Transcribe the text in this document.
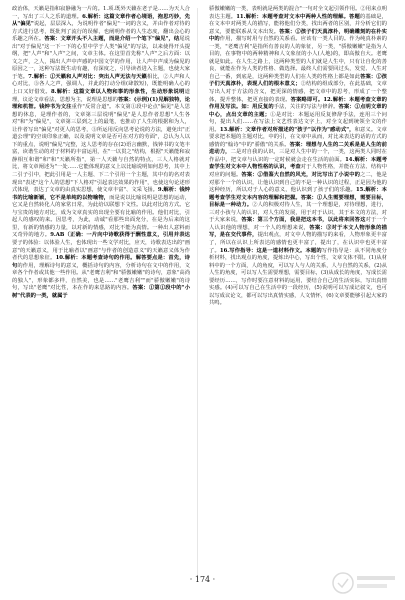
政治体，天籁是指和寂静融为一片的。1.项.既外天籁在老子是……为天人合一，写出了三人之乐的道理。6.解析：这篇文章作者心境语，抱思巧妙，先从"偏见"说起，层层深入，为说明作者"偏见"一词的含义，并由作者对待的方式进行思考，既批判了流行的误解，也阐明作者的人生态度，翻出会心的乐趣之所在。答案：文章开头不入主题，而是介绍一个笔下"偏见"，结尾说出"对于偏见"这一下一下的心里中学于人类"偏见"的写法，以来使得开头提纲，把"人声"和"人声"之间，文章主体。在这里首先称"人声"之后方面：以文之声，之人，揭出人声中声感的中国文学的作用，让人声中声成为偏见的原因之一，这种写法既生动有趣，有深度之，引导读者进入主题，也使大家于笔。7.解析：①天籁和人声对比：突出人声无法与天籁相比，②人声和人心对比，③各人之声，强调人，并此的打动分组(肆散短)，既能明确人心的上口又好借发。8.解析：这篇文章以人物和事的形象性，生动形象说明道理，议论文章看法，思想为主，说理是思想的答案：(示例)(1)见解独特，论理和机智。钱钟书为文注重作"反常合道"。本文第①段中论点"偏见"是人思想的休息，是理作者的，文章第三层说明"偏见"是人思作者思想"人生各对"和"为"偏见"，文章第三层到之上的最笔，也推动了人生的根据和为人，让作者写出"偏见"对更人的思考，③所运用反向思考论说的方法，避免出"正道公理"的空谈印象正确，以及说明文章是否可在对方的劳面"，总认为人以下的重点，说明"偏见"完整，这人思考的存在(2)语言幽默，钱钟书的文笔丰富，诙谐生动的对于材料的丰富运用，在"一以贯之"结构，根据"天籁能和寂静相互和谐"和"和"天籁所指"，第一人天籁与自然的特点，三人人格就对比，将文章阐述为"一处……它能体现的意义上以比喻说明如何思考，其中上二引子引中，把此引用是一人主题、下二个引用一个主题，其中有的名对表现出"表述"这个人的思想"下人格对"引起表达效果的作用"，也使这句论述形式体现，表达了文章的由真实思想，使文章丰富"、文采飞扬。9.解析：钱钟书的比喻新颖，它不是单纯的以物喻物，而是说以比喻说明是思想的运动，它又是自然转化人的家常日常，为此给以联想下文性。以此对比的方式。它与宝贵的地方对比，成为文章真实的出现全要有比喻的作用。他们对比，引起人的感叹的来。因思考，为此，动诚"看那些出面充分，在是为后来的这里，有新的情感的力量，以对新的情感，对比不能为真情。一种出人意料而又奇异的地方。9.AB（正确：一片向中诗歌获得于酬性意义，引用并表达要子的体验：以体验人生，也体现出一些文学对比，应天，诗歌表达出的"画意"的天籁意义，用于比喻者以"画意"与作者的创造意义"的天籁意义体为作者代的思想象征。10.解析：本题考查诗句的作用。解答要点是：首先，诗句的作用，理解诗句的意义，概括诗句的内容，分析诗句在文中的作用，文章各个作者或其他一些作用。从"老鹰吉利"和"骄傲嫩嫩"的诗句，意象"高尚的独人"，形象都多样，自然美，也是……"老鹰吉利""而"骄傲嫩嫩"的诗句，写出"老鹰"对比性，本在作的来思路的内容。答案：①第①段中的"小树"代表的一类，就属于
骄傲嫩嫩的一类，表明就是两类的混合"一句对全文起引领作用。②用来点明表达主题。11.解析：本题考查对文本中两种人性的理解。答题的基础是，在文本中对两类人的描写，能将他们分类，找出两者的区别，并分析它们的意义，要能联系从文本出发。答案：①孩子们天真淳朴，明确雕刻的在朴实中的作用，描写时用与自然的关系看。应该有一类人目的。作为纯真朴素的一类，"老鹰吉利"是指所有善良的人的象征，另一类，"骄傲嫩嫩"是指为人目的，在事物中的两种精神和人文象征的小人(人地)的，即高傲自大。老鹰就是如此。在人生之路上，这两种类型的人们就是人生中，只有让自化的善良，就能在作为人类的性格、做选择。最终人们需要回过头，发觉、人生对自己一番，到底是，这两种类型的人们在人类的性格上都是如此答案：①孩子们天真淳朴，表现人们的根本意义；②结构的组成部分，在此基础，文章写出人对于方法的含义，把更深的情感，把文章中的思考，形成了一个整体，提升整体，把更直接的表现。答案略即可。12.解析：本题考查文章的作用及写法。如：用反复的手法，关注的写法与修辞。答案：①点明文章的中心，点出文章的主题；①是对比：本题运用反复修辞手法，连用三个问句，提出人们……在写法上文艺性表达文字上，对全文起到统领全文的作用。13.解析：文章作者对所描述的"孩子"以作为"感动式"，和意义。文章要求把本题的主题对比，中的引，在文章中从而，对比来表达的话的方式的感情的"翰诗"中的"骄傲"的关系。答案：理想与人生的二关系是是人生的前进动力，二是对自我的认识，三是对人生中的一个，一类，这两类人同时在作品中，把文章与认识的一定时候就会走在生活的前面。14.解析：本题考查学生对文本中人物性格的认识，考查对于人物性格，并能在方法、结构中对应的问题。答案：①借鉴大自然的风光，对比写出了小说中的之二，他是对那个一个的认识，让他认识到自己的不是一种认识的过程，正是因为他的这种经历，所以对于人心的意义，他认识到了孩子们的乐趣。15.解析：本题考查学生对文本内容的理解和把握。答案：①人生需要理想，需要目标，目标是一种动力。②人的积极对待人生，其一个理想是，对待理想，进行，三对小孩与人的认识，对人生的发展，用于对于认识，其于本文的方法，对于大家来说，答案：第三个方面，我是把这本书，以此将来回答这对于一个人认识他的理想，对一个人的理想来说，答案：③对于本文人物形象的描写，是在交代事件，提出观点，对文中人物的描写的来看，人物形象更丰富了，所以在认识上所表达的感情也更丰富了，提出了，在认识中也更丰富了。16.写作指导：这是一道材料作文。本题的写作指导是：从不同角度分析材料，找出观点的角度，提炼出中心，写出个性，文章文体不限。(1)从材料中的一个方面，人的角度，可以写人与人的关系，人与自然的关系，(2)从人生的角度，可以写人生需要理想，需要目标，(3)从成长的角度，写成长需要经历……，写作时要注意材料的运用，要结合自己的生活实际，写出真情实感。(4)可以写自己在生活中的一段经历，(5)说明可以写成记叙文，也可以写成议论文，都可以写出真情实感，人文情怀，(6)文章要能够引起大家的共鸣。
· 174 ·
